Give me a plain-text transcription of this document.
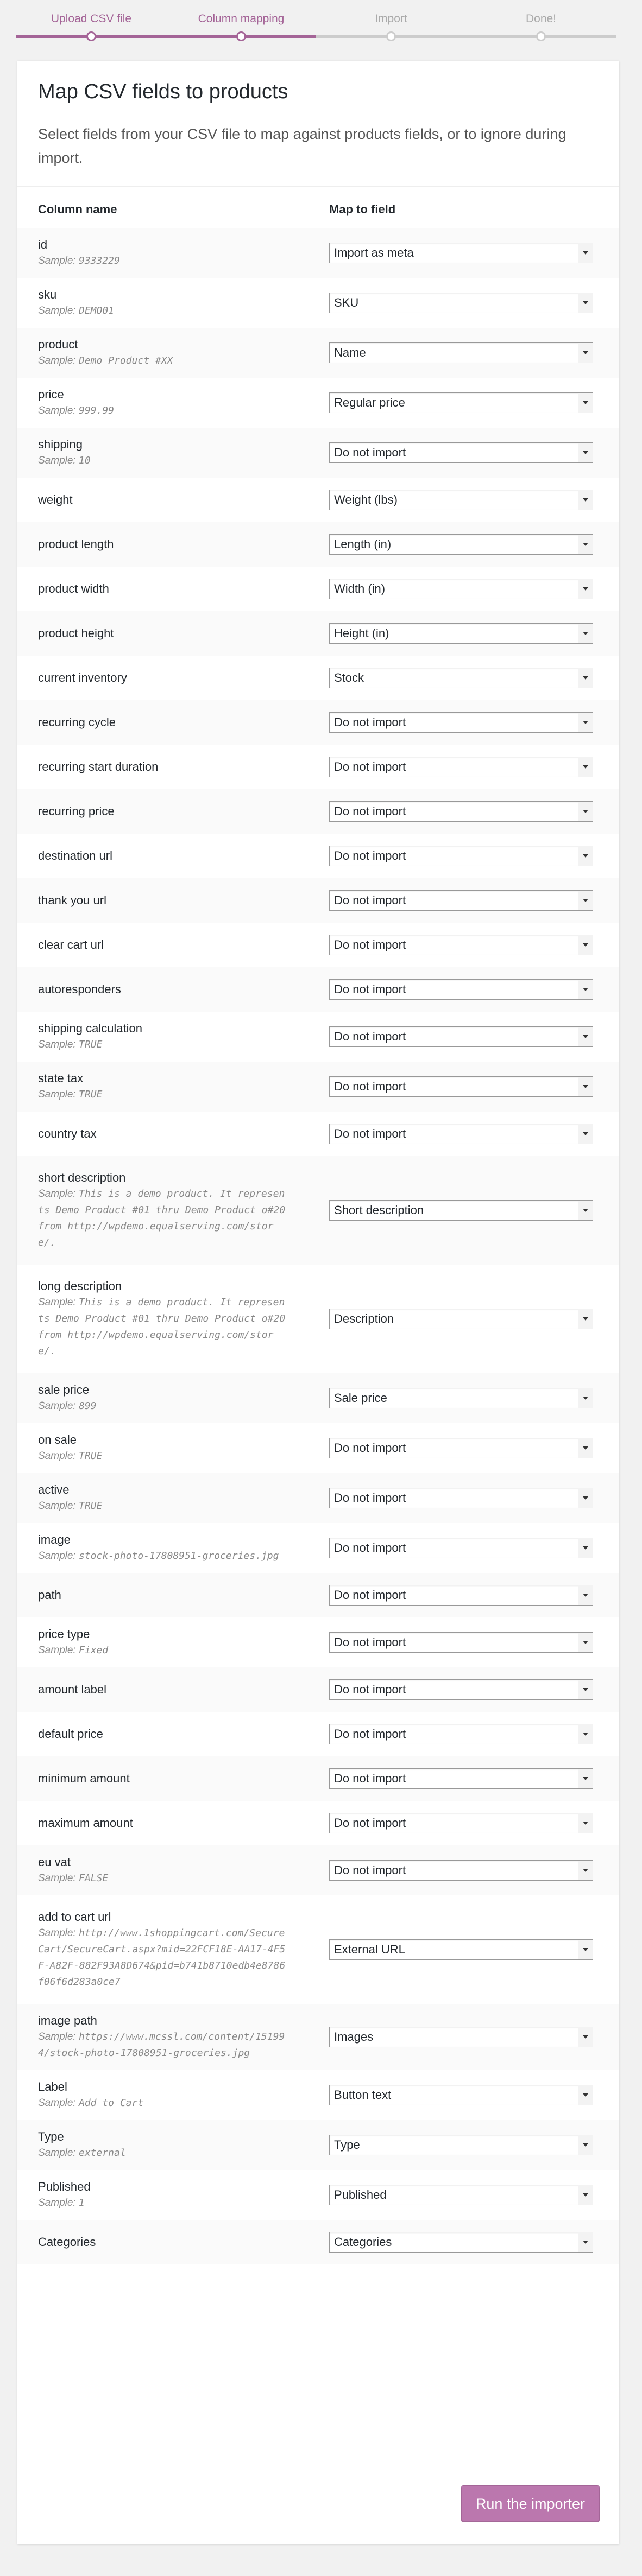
Upload CSV file	Column mapping	Import	Done!
Map CSV fields to products

Select fields from your CSV file to map against products fields, or to ignore during import.

Column name	Map to field

id
Sample: 9333229	Import as meta

sku
Sample: DEMO01	SKU

product
Sample: Demo Product #XX	Name

price
Sample: 999.99	Regular price

shipping
Sample: 10	Do not import

weight	Weight (lbs)

product length	Length (in)

product width	Width (in)

product height	Height (in)

current inventory	Stock

recurring cycle	Do not import

recurring start duration	Do not import

recurring price	Do not import

destination url	Do not import

thank you url	Do not import

clear cart url	Do not import

autoresponders	Do not import

shipping calculation
Sample: TRUE	Do not import

state tax
Sample: TRUE	Do not import

country tax	Do not import

short description
Sample: This is a demo product. It represents Demo Product #01 thru Demo Product o#20 from http://wpdemo.equalserving.com/store/.	Short description

long description
Sample: This is a demo product. It represents Demo Product #01 thru Demo Product o#20 from http://wpdemo.equalserving.com/store/.	Description

sale price
Sample: 899	Sale price

on sale
Sample: TRUE	Do not import

active
Sample: TRUE	Do not import

image
Sample: stock-photo-17808951-groceries.jpg	Do not import

path	Do not import

price type
Sample: Fixed	Do not import

amount label	Do not import

default price	Do not import

minimum amount	Do not import

maximum amount	Do not import

eu vat
Sample: FALSE	Do not import

add to cart url
Sample: http://www.1shoppingcart.com/SecureCart/SecureCart.aspx?mid=22FCF18E-AA17-4F5F-A82F-882F93A8D674&pid=b741b8710edb4e8786f06f6d283a0ce7	External URL

image path
Sample: https://www.mcssl.com/content/151994/stock-photo-17808951-groceries.jpg	Images

Label
Sample: Add to Cart	Button text

Type
Sample: external	Type

Published
Sample: 1	Published

Categories	Categories
Run the importer
